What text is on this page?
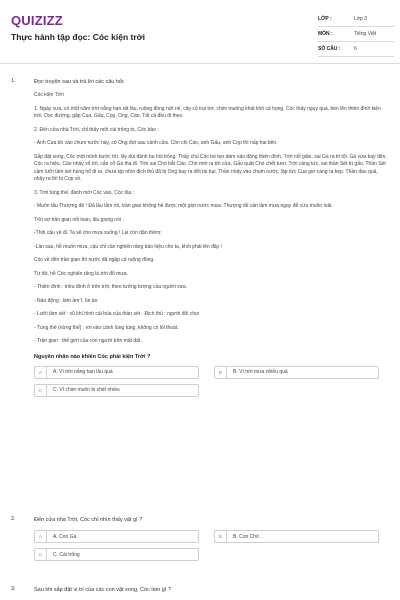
QUIZIZZ
Thực hành tập đọc: Cóc kiện trời
LỚP :	Lớp 3
MÔN :	Tiếng Việt
SỐ CÂU :	6
1.	Đọc truyện sau và trả lời các câu hỏi:
Cóc kiện Trời
1. Ngày xưa, có một năm trời nắng hạn rất lâu, ruộng đồng nứt nẻ, cây cỏ trụi trơ, chim muông khát khô cả họng. Cóc thấy nguy quá, bèn lên thiên đình kiện trời. Dọc đường, gặp Cua, Gấu, Cọp, Ong, Cáo. Tất cả đều đi theo.
2. Đến cửa nhà Trời, chỉ thấy một cái trống to, Cóc bảo :
- Anh Cua bò vào chum nước này, cô Ong đợi sau cánh cửa. Còn chị Cáo, anh Gấu, anh Cọp thì nấp hai bên.
Sắp đặt xong, Cóc một mình bước tới, lấy dùi đánh ba hồi trống. Thấy chú Cóc bé tẹo dám náo động thiên đình, Trời nổi giận, sai Gà ra trị tội. Gà vừa bay đến, Cóc ra hiệu, Cáo nhảy xổ tới, cắn cổ Gà tha đi. Trời sai Chó bắt Cáo. Chó mới ra tới cửa, Gấu quật Chó chết tươi. Trời càng tức, sai thần Sét trị gấu. Thần Sét cầm lưỡi tầm sét hùng hổ đi ra, chưa kịp nhìn địch thủ đã bị Ong bay ra đốt túi bụi. Thần nhảy vào chum nước, lập tức Cua giơ càng ra kẹp. Thần đau quá, nhảy ra thì bị Cọp vồ.
3. Trời túng thế, đành mời Cóc vào. Cóc tâu :
- Muôn tâu Thượng đế ! Đã lâu lắm rồi, trần gian không hề được một giọt nước mưa. Thượng đế cần làm mưa ngay để cứu muôn loài.
Trời sợ trần gian nổi loạn, dịu giọng nói :
-Thôi cậu về đi. Ta sẽ cho mưa xuống ! Lại còn dặn thêm:
-Lần sau, hễ muốn mưa, cậu chỉ cần nghiến răng báo hiệu cho ta, khỏi phải lên đây !
Cóc về đến trần gian thì nước đã ngập cả ruộng đồng.
Từ đó, hễ Cóc nghiến răng là trời đổ mưa.
- Thiên đình : triều đình ở trên trời, theo tưởng tượng của người xưa.
- Náo động : làm ầm ĩ, ồn ào
- Lưỡi tầm sét : vũ khí hình cái búa của thần sét - Địch thủ : người đối chọi
- Túng thế (nừng thế) : rơi vào cảnh lúng túng, không có lối thoát.
- Trần gian : thế giới của con người trên mặt đất.
Nguyên nhân nào khiến Cóc phải kiện Trời ?
A	A. Vì trời nắng hạn lâu quá	B	B. Vì trời mưa nhiều quá
C	C. Vì chim muôn bị chết nhiều
2.	Đến cửa nhà Trời, Cóc chỉ nhìn thấy vật gì ?
A	A. Con Gà	B	B. Con Chó
C	C. Cái trống
3.	Sau khi sắp đặt vị trí của các con vật xong, Cóc làm gì ?
